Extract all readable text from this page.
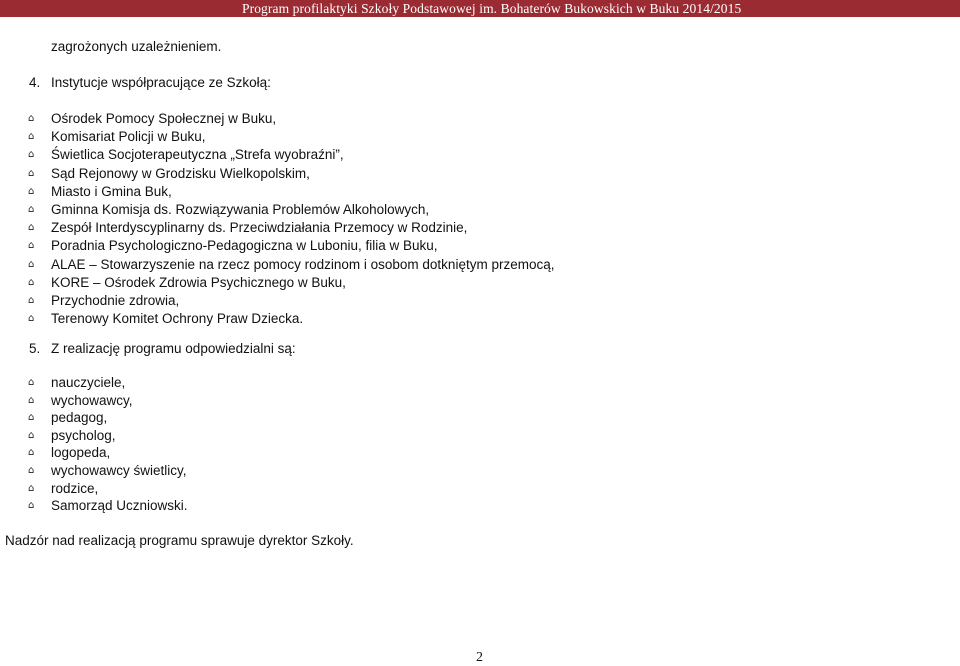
Program profilaktyki Szkoły Podstawowej im. Bohaterów Bukowskich w Buku 2014/2015
zagrożonych uzależnieniem.
4. Instytucje współpracujące ze Szkołą:
⌂	Ośrodek Pomocy Społecznej w Buku,
⌂	Komisariat Policji w Buku,
⌂	Świetlica Socjoterapeutyczna „Strefa wyobraźni”,
⌂	Sąd Rejonowy w Grodzisku Wielkopolskim,
⌂	Miasto i Gmina Buk,
⌂	Gminna Komisja ds. Rozwiązywania Problemów Alkoholowych,
⌂	Zespół Interdyscyplinarny ds. Przeciwdziałania Przemocy w Rodzinie,
⌂	Poradnia Psychologiczno-Pedagogiczna w Luboniu, filia w Buku,
⌂	ALAE – Stowarzyszenie na rzecz pomocy rodzinom i osobom dotkniętym przemocą,
⌂	KORE – Ośrodek Zdrowia Psychicznego w Buku,
⌂	Przychodnie zdrowia,
⌂	Terenowy Komitet Ochrony Praw Dziecka.
5. Z realizację programu odpowiedzialni są:
⌂	nauczyciele,
⌂	wychowawcy,
⌂	pedagog,
⌂	psycholog,
⌂	logopeda,
⌂	wychowawcy świetlicy,
⌂	rodzice,
⌂	Samorząd Uczniowski.
Nadzór nad realizacją programu sprawuje dyrektor Szkoły.
2
